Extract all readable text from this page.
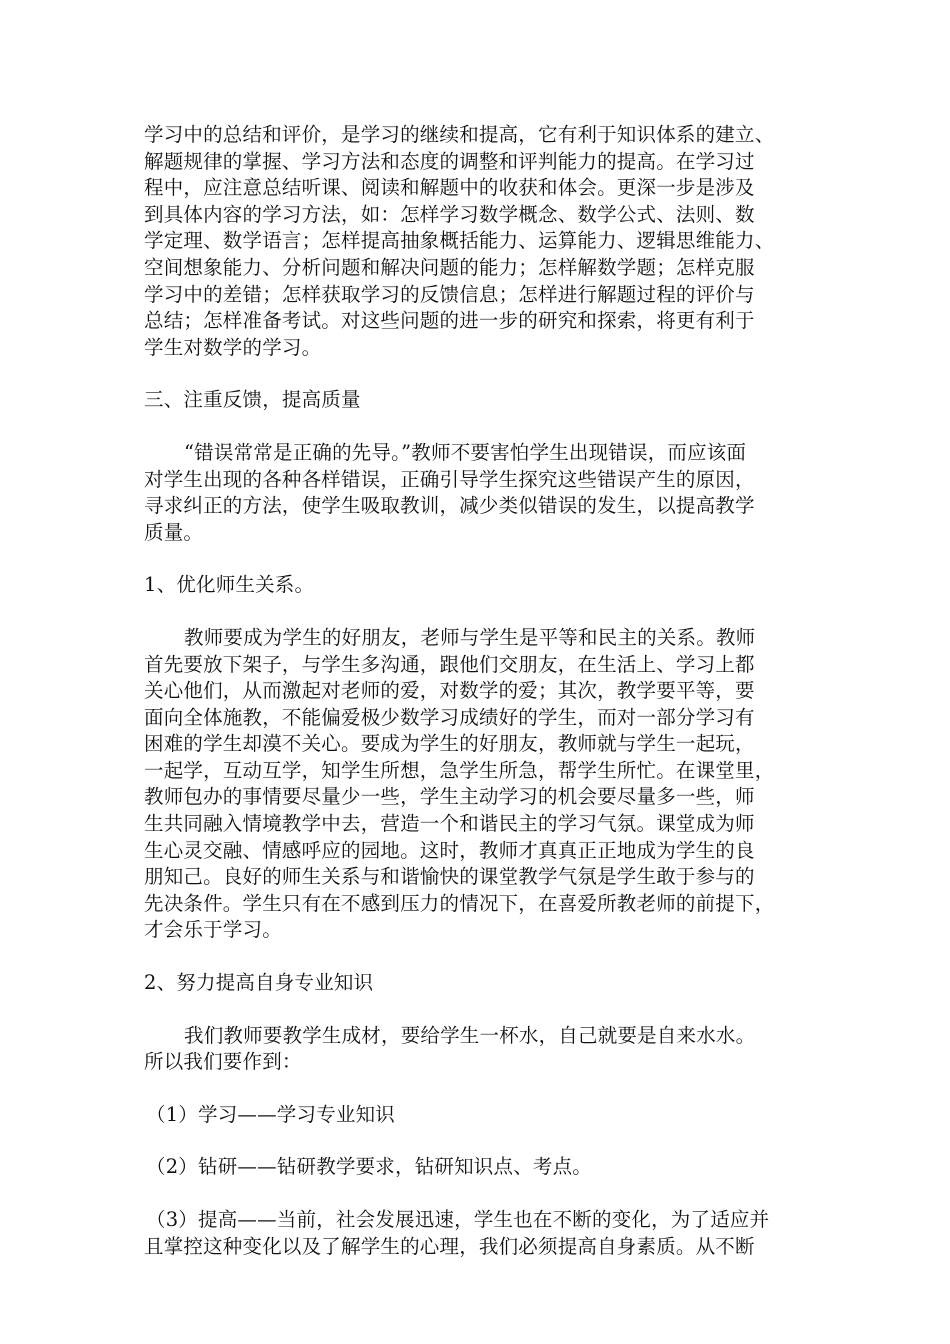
学习中的总结和评价，是学习的继续和提高，它有利于知识体系的建立、
解题规律的掌握、学习方法和态度的调整和评判能力的提高。在学习过
程中，应注意总结听课、阅读和解题中的收获和体会。更深一步是涉及
到具体内容的学习方法，如：怎样学习数学概念、数学公式、法则、数
学定理、数学语言；怎样提高抽象概括能力、运算能力、逻辑思维能力、
空间想象能力、分析问题和解决问题的能力；怎样解数学题；怎样克服
学习中的差错；怎样获取学习的反馈信息；怎样进行解题过程的评价与
总结；怎样准备考试。对这些问题的进一步的研究和探索，将更有利于
学生对数学的学习。

三、注重反馈，提高质量

“错误常常是正确的先导。”教师不要害怕学生出现错误，而应该面
对学生出现的各种各样错误，正确引导学生探究这些错误产生的原因，
寻求纠正的方法，使学生吸取教训，减少类似错误的发生，以提高教学
质量。

1、优化师生关系。

教师要成为学生的好朋友，老师与学生是平等和民主的关系。教师
首先要放下架子，与学生多沟通，跟他们交朋友，在生活上、学习上都
关心他们，从而激起对老师的爱，对数学的爱；其次，教学要平等，要
面向全体施教，不能偏爱极少数学习成绩好的学生，而对一部分学习有
困难的学生却漠不关心。要成为学生的好朋友，教师就与学生一起玩，
一起学，互动互学，知学生所想，急学生所急，帮学生所忙。在课堂里，
教师包办的事情要尽量少一些，学生主动学习的机会要尽量多一些，师
生共同融入情境教学中去，营造一个和谐民主的学习气氛。课堂成为师
生心灵交融、情感呼应的园地。这时，教师才真真正正地成为学生的良
朋知己。良好的师生关系与和谐愉快的课堂教学气氛是学生敢于参与的
先决条件。学生只有在不感到压力的情况下，在喜爱所教老师的前提下，
才会乐于学习。

2、努力提高自身专业知识

我们教师要教学生成材，要给学生一杯水，自己就要是自来水水。
所以我们要作到：

（1）学习——学习专业知识

（2）钻研——钻研教学要求，钻研知识点、考点。

（3）提高——当前，社会发展迅速，学生也在不断的变化，为了适应并
且掌控这种变化以及了解学生的心理，我们必须提高自身素质。从不断
